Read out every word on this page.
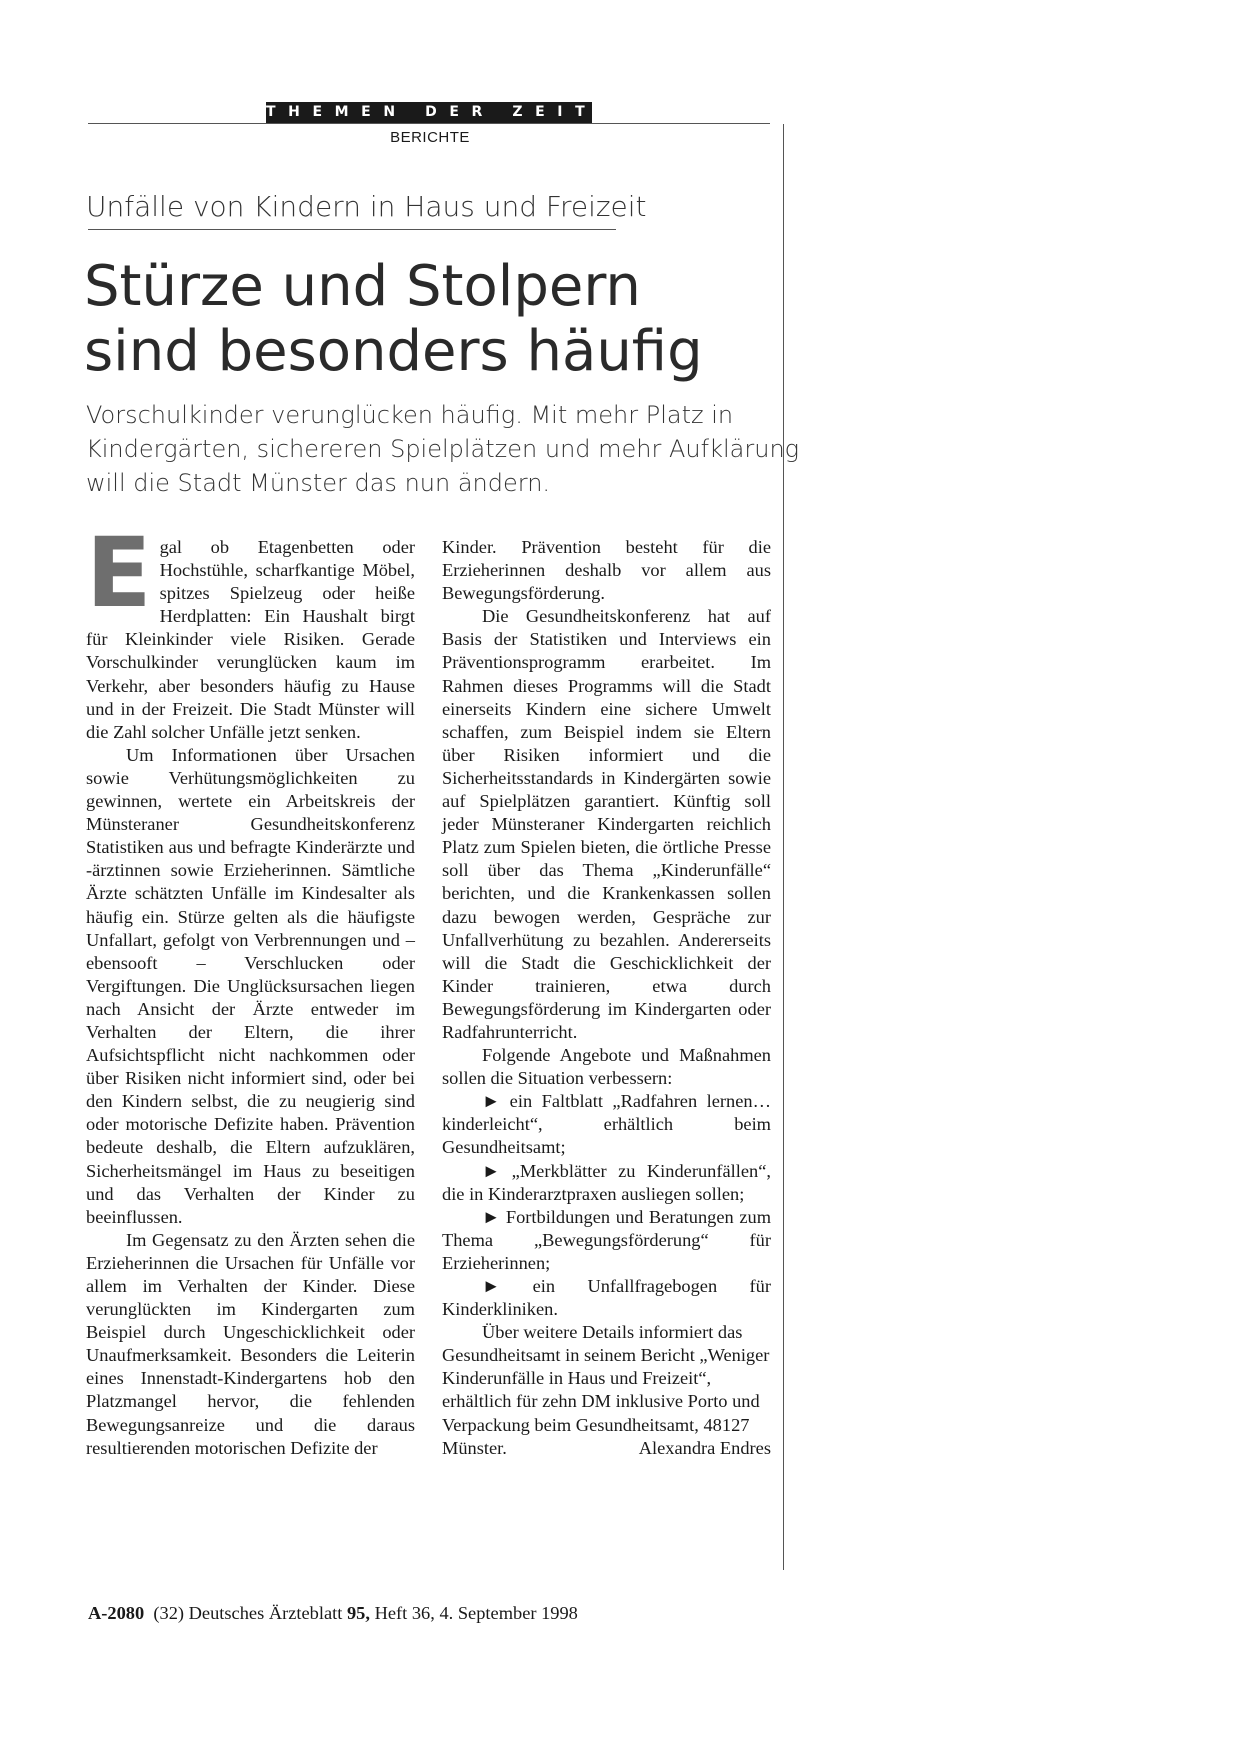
THEMEN DER ZEIT
BERICHTE
Unfälle von Kindern in Haus und Freizeit
Stürze und Stolpern
sind besonders häufig
Vorschulkinder verunglücken häufig. Mit mehr Platz in
Kindergärten, sichereren Spielplätzen und mehr Aufklärung
will die Stadt Münster das nun ändern.

Egal ob Etagenbetten oder Hochstühle, scharfkantige Möbel, spitzes Spielzeug oder heiße Herdplatten: Ein Haushalt birgt für Kleinkinder viele Risiken. Gerade Vorschulkinder verunglücken kaum im Verkehr, aber besonders häufig zu Hause und in der Freizeit. Die Stadt Münster will die Zahl solcher Unfälle jetzt senken.

Um Informationen über Ursachen sowie Verhütungsmöglichkeiten zu gewinnen, wertete ein Arbeitskreis der Münsteraner Gesundheitskonferenz Statistiken aus und befragte Kinderärzte und -ärztinnen sowie Erzieherinnen. Sämtliche Ärzte schätzten Unfälle im Kindesalter als häufig ein. Stürze gelten als die häufigste Unfallart, gefolgt von Verbrennungen und – ebensooft – Verschlucken oder Vergiftungen. Die Unglücksursachen liegen nach Ansicht der Ärzte entweder im Verhalten der Eltern, die ihrer Aufsichtspflicht nicht nachkommen oder über Risiken nicht informiert sind, oder bei den Kindern selbst, die zu neugierig sind oder motorische Defizite haben. Prävention bedeute deshalb, die Eltern aufzuklären, Sicherheitsmängel im Haus zu beseitigen und das Verhalten der Kinder zu beeinflussen.

Im Gegensatz zu den Ärzten sehen die Erzieherinnen die Ursachen für Unfälle vor allem im Verhalten der Kinder. Diese verunglückten im Kindergarten zum Beispiel durch Ungeschicklichkeit oder Unaufmerksamkeit. Besonders die Leiterin eines Innenstadt-Kindergartens hob den Platzmangel hervor, die fehlenden Bewegungsanreize und die daraus resultierenden motorischen Defizite der

Kinder. Prävention besteht für die Erzieherinnen deshalb vor allem aus Bewegungsförderung.

Die Gesundheitskonferenz hat auf Basis der Statistiken und Interviews ein Präventionsprogramm erarbeitet. Im Rahmen dieses Programms will die Stadt einerseits Kindern eine sichere Umwelt schaffen, zum Beispiel indem sie Eltern über Risiken informiert und die Sicherheitsstandards in Kindergärten sowie auf Spielplätzen garantiert. Künftig soll jeder Münsteraner Kindergarten reichlich Platz zum Spielen bieten, die örtliche Presse soll über das Thema „Kinderunfälle“ berichten, und die Krankenkassen sollen dazu bewogen werden, Gespräche zur Unfallverhütung zu bezahlen. Andererseits will die Stadt die Geschicklichkeit der Kinder trainieren, etwa durch Bewegungsförderung im Kindergarten oder Radfahrunterricht.

Folgende Angebote und Maßnahmen sollen die Situation verbessern:

► ein Faltblatt „Radfahren lernen… kinderleicht“, erhältlich beim Gesundheitsamt;

► „Merkblätter zu Kinderunfällen“, die in Kinderarztpraxen ausliegen sollen;

► Fortbildungen und Beratungen zum Thema „Bewegungsförderung“ für Erzieherinnen;

► ein Unfallfragebogen für Kinderkliniken.

Über weitere Details informiert das Gesundheitsamt in seinem Bericht „Weniger Kinderunfälle in Haus und Freizeit“, erhältlich für zehn DM inklusive Porto und Verpackung beim Gesundheitsamt, 48127 Münster.	Alexandra Endres

A-2080 (32) Deutsches Ärzteblatt 95, Heft 36, 4. September 1998
